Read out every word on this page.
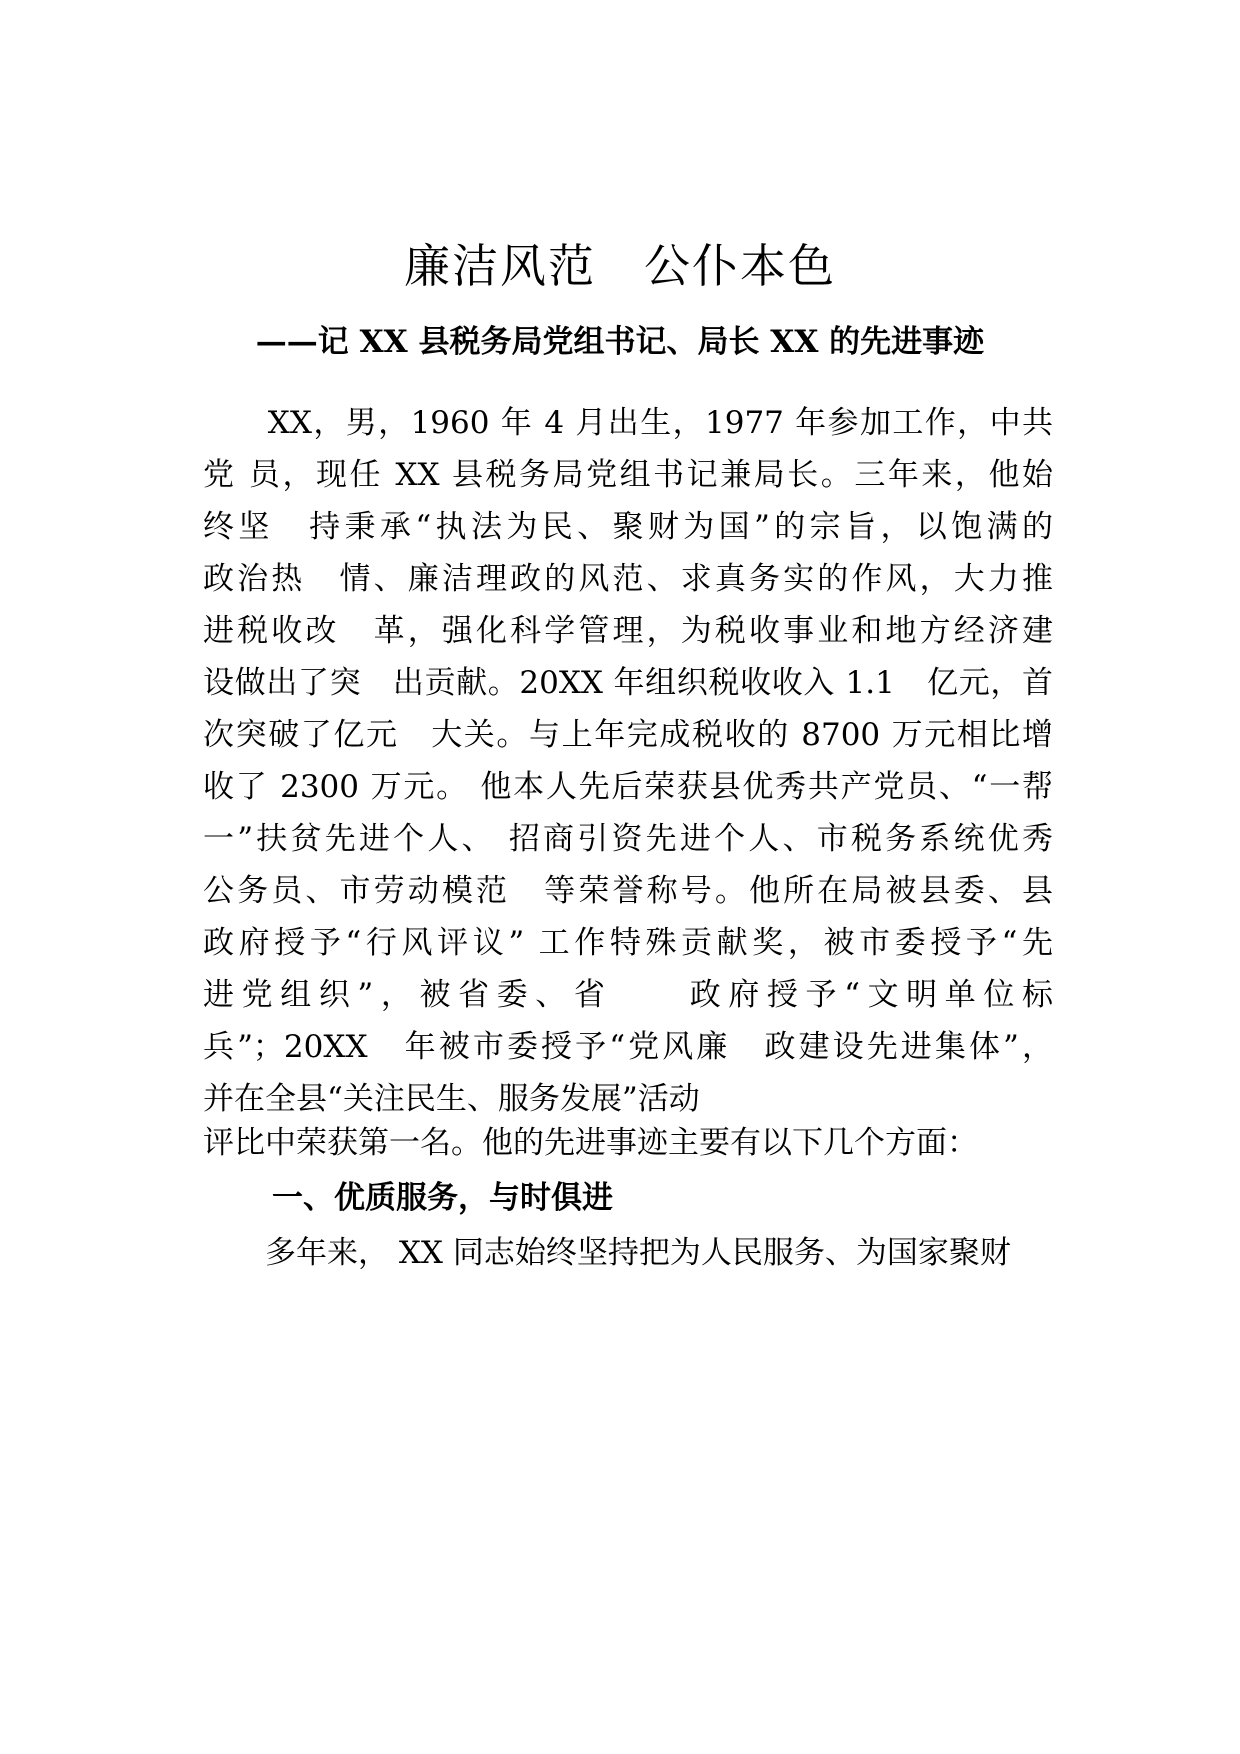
廉洁风范　公仆本色
——记 XX 县税务局党组书记、局长 XX 的先进事迹
　　XX，男，1960 年 4 月出生，1977 年参加工作，中共
党 员，现任 XX 县税务局党组书记兼局长。三年来，他始
终坚　持秉承“执法为民、聚财为国”的宗旨，以饱满的
政治热　情、廉洁理政的风范、求真务实的作风，大力推
进税收改　革，强化科学管理，为税收事业和地方经济建
设做出了突　出贡献。20XX 年组织税收收入 1.1　亿元，首
次突破了亿元　大关。与上年完成税收的 8700 万元相比增
收了 2300 万元。 他本人先后荣获县优秀共产党员、“一帮
一”扶贫先进个人、 招商引资先进个人、市税务系统优秀
公务员、市劳动模范　等荣誉称号。他所在局被县委、县
政府授予“行风评议” 工作特殊贡献奖，被市委授予“先
进党组织”，被省委、省　　政府授予“文明单位标
兵”；20XX　年被市委授予“党风廉　政建设先进集体”，
并在全县“关注民生、服务发展”活动
评比中荣获第一名。他的先进事迹主要有以下几个方面：
一、优质服务，与时俱进
　　多年来， XX 同志始终坚持把为人民服务、为国家聚财
